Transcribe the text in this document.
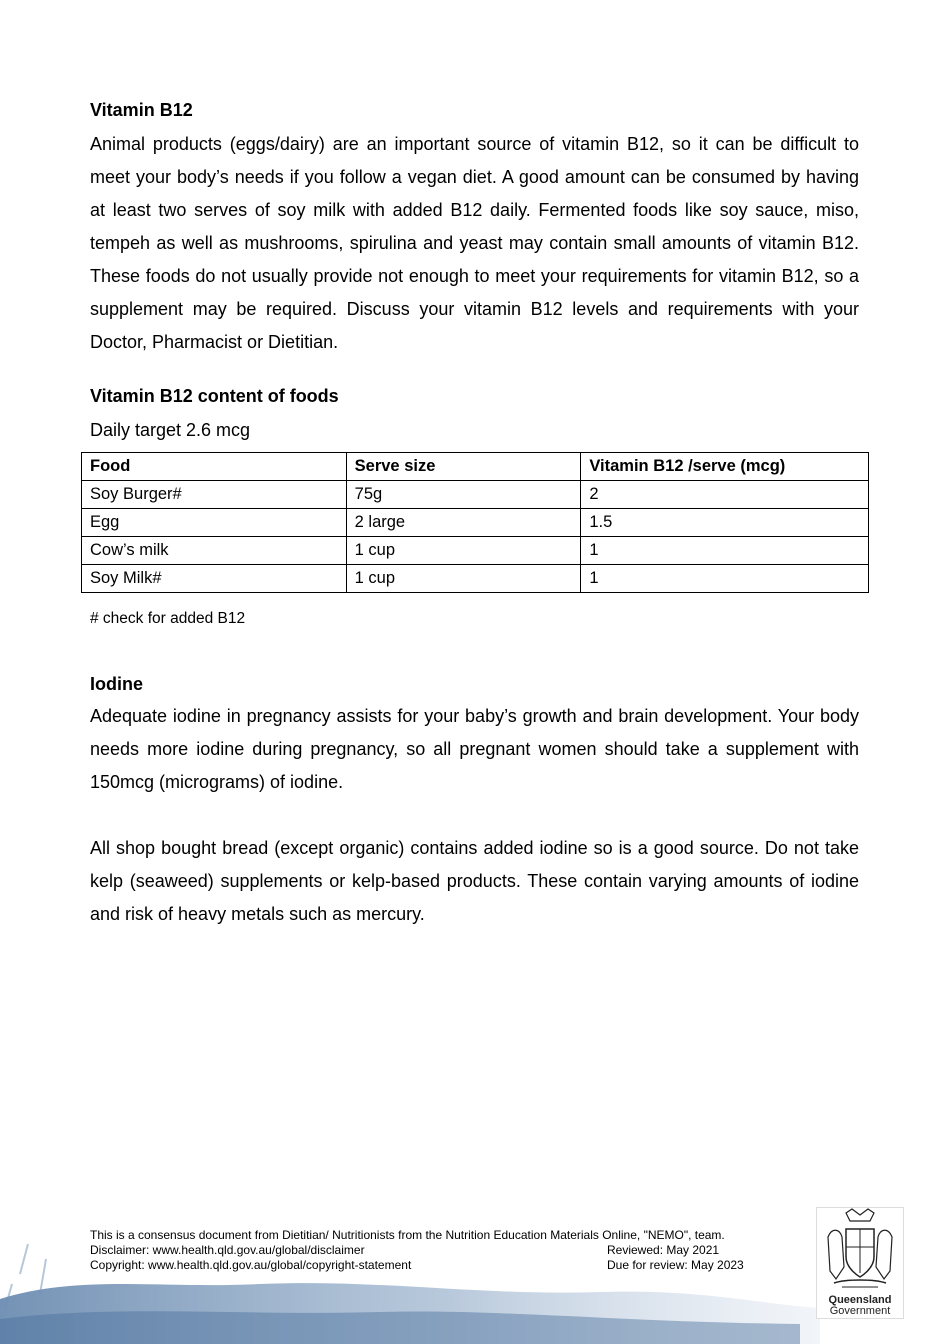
Vitamin B12

Animal products (eggs/dairy) are an important source of vitamin B12, so it can be difficult to meet your body’s needs if you follow a vegan diet. A good amount can be consumed by having at least two serves of soy milk with added B12 daily. Fermented foods like soy sauce, miso, tempeh as well as mushrooms, spirulina and yeast may contain small amounts of vitamin B12. These foods do not usually provide not enough to meet your requirements for vitamin B12, so a supplement may be required. Discuss your vitamin B12 levels and requirements with your Doctor, Pharmacist or Dietitian.

Vitamin B12 content of foods
Daily target 2.6 mcg
Food	Serve size	Vitamin B12 /serve (mcg)
Soy Burger#	75g	2
Egg	2 large	1.5
Cow’s milk	1 cup	1
Soy Milk#	1 cup	1
# check for added B12
Iodine

Adequate iodine in pregnancy assists for your baby’s growth and brain development. Your body needs more iodine during pregnancy, so all pregnant women should take a supplement with 150mcg (micrograms) of iodine.

All shop bought bread (except organic) contains added iodine so is a good source. Do not take kelp (seaweed) supplements or kelp-based products. These contain varying amounts of iodine and risk of heavy metals such as mercury.

This is a consensus document from Dietitian/ Nutritionists from the Nutrition Education Materials Online, "NEMO", team.
Disclaimer: www.health.qld.gov.au/global/disclaimer	Reviewed: May 2021
Copyright: www.health.qld.gov.au/global/copyright-statement	Due for review: May 2023
Queensland
Government
